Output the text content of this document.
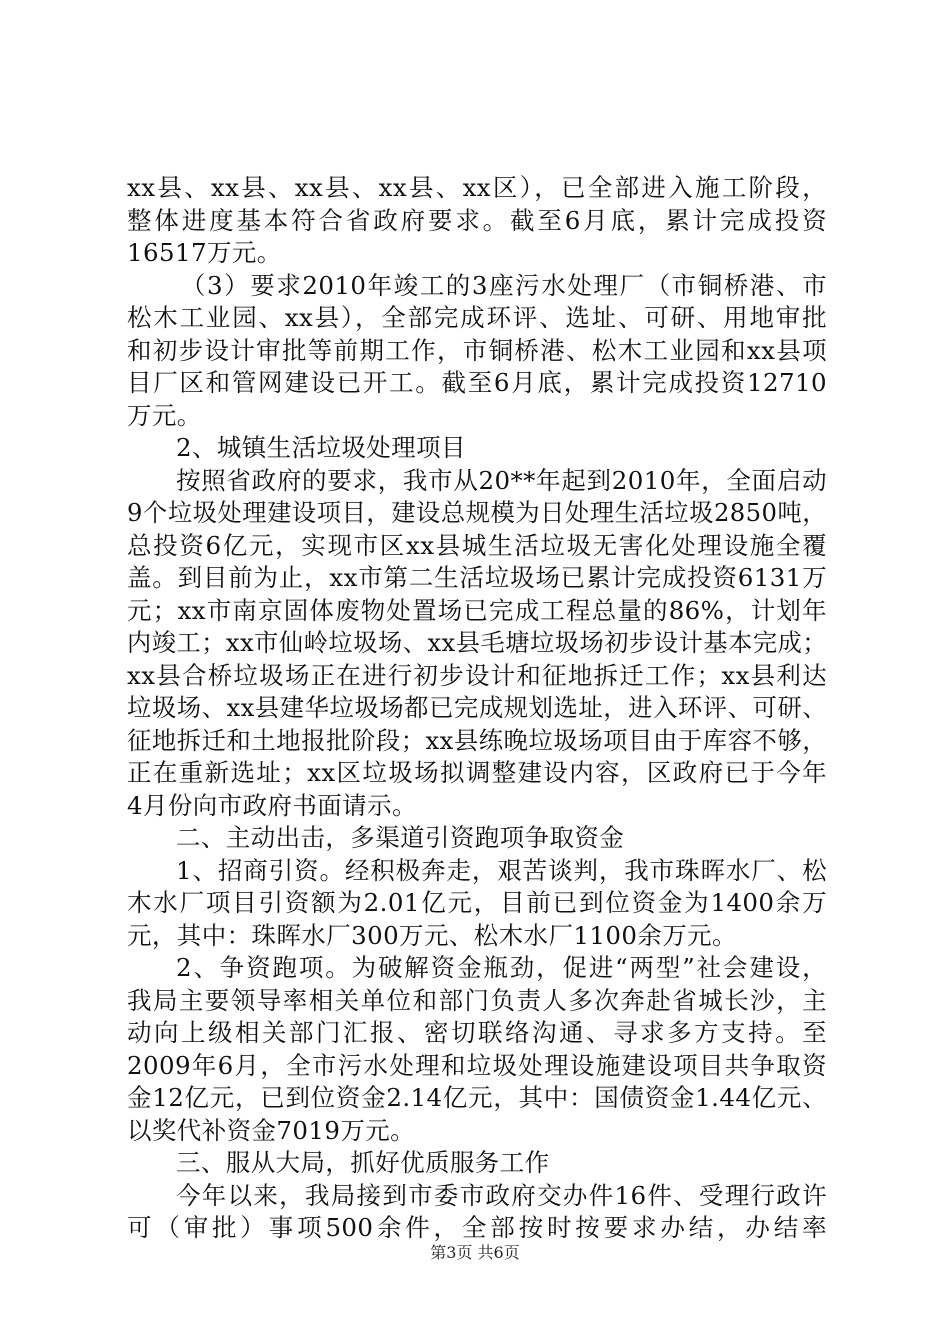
xx县、xx县、xx县、xx县、xx区），已全部进入施工阶段，
整体进度基本符合省政府要求。截至6月底，累计完成投资
16517万元。
（3）要求2010年竣工的3座污水处理厂（市铜桥港、市
松木工业园、xx县），全部完成环评、选址、可研、用地审批
和初步设计审批等前期工作，市铜桥港、松木工业园和xx县项
目厂区和管网建设已开工。截至6月底，累计完成投资12710
万元。
2、城镇生活垃圾处理项目
按照省政府的要求，我市从20**年起到2010年，全面启动
9个垃圾处理建设项目，建设总规模为日处理生活垃圾2850吨，
总投资6亿元，实现市区xx县城生活垃圾无害化处理设施全覆
盖。到目前为止，xx市第二生活垃圾场已累计完成投资6131万
元；xx市南京固体废物处置场已完成工程总量的86%，计划年
内竣工；xx市仙岭垃圾场、xx县毛塘垃圾场初步设计基本完成；
xx县合桥垃圾场正在进行初步设计和征地拆迁工作；xx县利达
垃圾场、xx县建华垃圾场都已完成规划选址，进入环评、可研、
征地拆迁和土地报批阶段；xx县练晚垃圾场项目由于库容不够，
正在重新选址；xx区垃圾场拟调整建设内容，区政府已于今年
4月份向市政府书面请示。
二、主动出击，多渠道引资跑项争取资金
1、招商引资。经积极奔走，艰苦谈判，我市珠晖水厂、松
木水厂项目引资额为2.01亿元，目前已到位资金为1400余万
元，其中：珠晖水厂300万元、松木水厂1100余万元。
2、争资跑项。为破解资金瓶劲，促进“两型”社会建设，
我局主要领导率相关单位和部门负责人多次奔赴省城长沙，主
动向上级相关部门汇报、密切联络沟通、寻求多方支持。至
2009年6月，全市污水处理和垃圾处理设施建设项目共争取资
金12亿元，已到位资金2.14亿元，其中：国债资金1.44亿元、
以奖代补资金7019万元。
三、服从大局，抓好优质服务工作
今年以来，我局接到市委市政府交办件16件、受理行政许
可（审批）事项500余件，全部按时按要求办结，办结率
第3页 共6页
